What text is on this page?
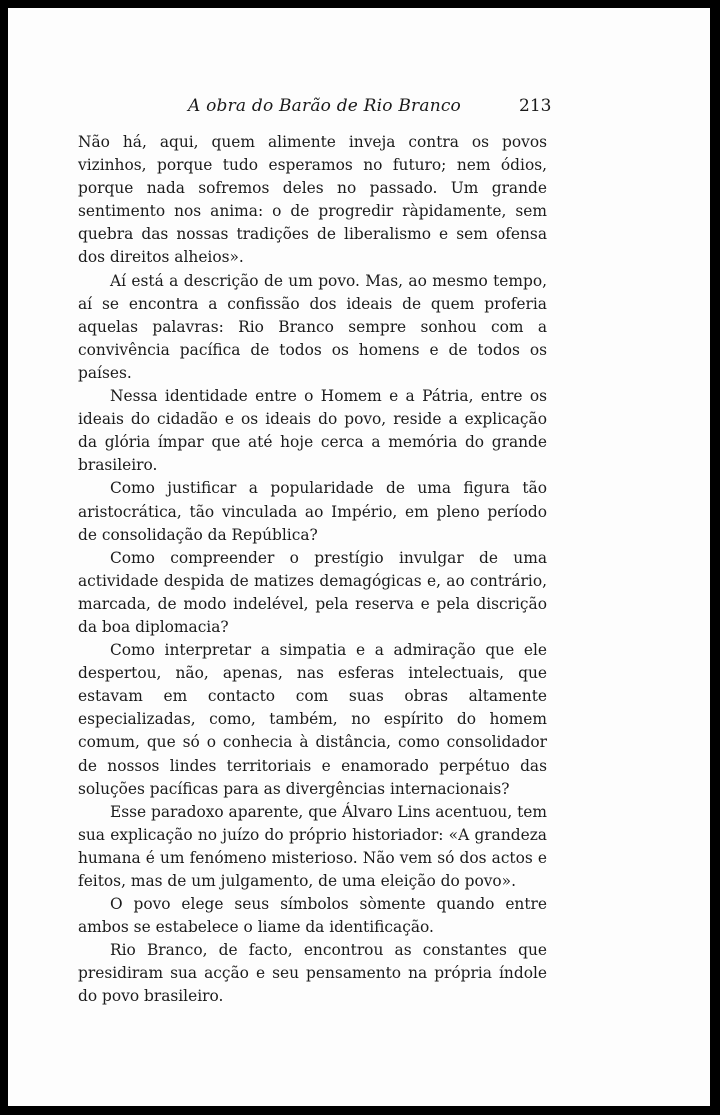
A obra do Barão de Rio Branco	213

Não há, aqui, quem alimente inveja contra os povos vizinhos, porque tudo esperamos no futuro; nem ódios, porque nada sofremos deles no passado. Um grande sentimento nos anima: o de progredir ràpidamente, sem quebra das nossas tradições de liberalismo e sem ofensa dos direitos alheios».

Aí está a descrição de um povo. Mas, ao mesmo tempo, aí se encontra a confissão dos ideais de quem proferia aquelas palavras: Rio Branco sempre sonhou com a convivência pacífica de todos os homens e de todos os países.

Nessa identidade entre o Homem e a Pátria, entre os ideais do cidadão e os ideais do povo, reside a explicação da glória ímpar que até hoje cerca a memória do grande brasileiro.

Como justificar a popularidade de uma figura tão aristocrática, tão vinculada ao Império, em pleno período de consolidação da República?

Como compreender o prestígio invulgar de uma actividade despida de matizes demagógicas e, ao contrário, marcada, de modo indelével, pela reserva e pela discrição da boa diplomacia?

Como interpretar a simpatia e a admiração que ele despertou, não, apenas, nas esferas intelectuais, que estavam em contacto com suas obras altamente especializadas, como, também, no espírito do homem comum, que só o conhecia à distância, como consolidador de nossos lindes territoriais e enamorado perpétuo das soluções pacíficas para as divergências internacionais?

Esse paradoxo aparente, que Álvaro Lins acentuou, tem sua explicação no juízo do próprio historiador: «A grandeza humana é um fenómeno misterioso. Não vem só dos actos e feitos, mas de um julgamento, de uma eleição do povo».

O povo elege seus símbolos sòmente quando entre ambos se estabelece o liame da identificação.

Rio Branco, de facto, encontrou as constantes que presidiram sua acção e seu pensamento na própria índole do povo brasileiro.
